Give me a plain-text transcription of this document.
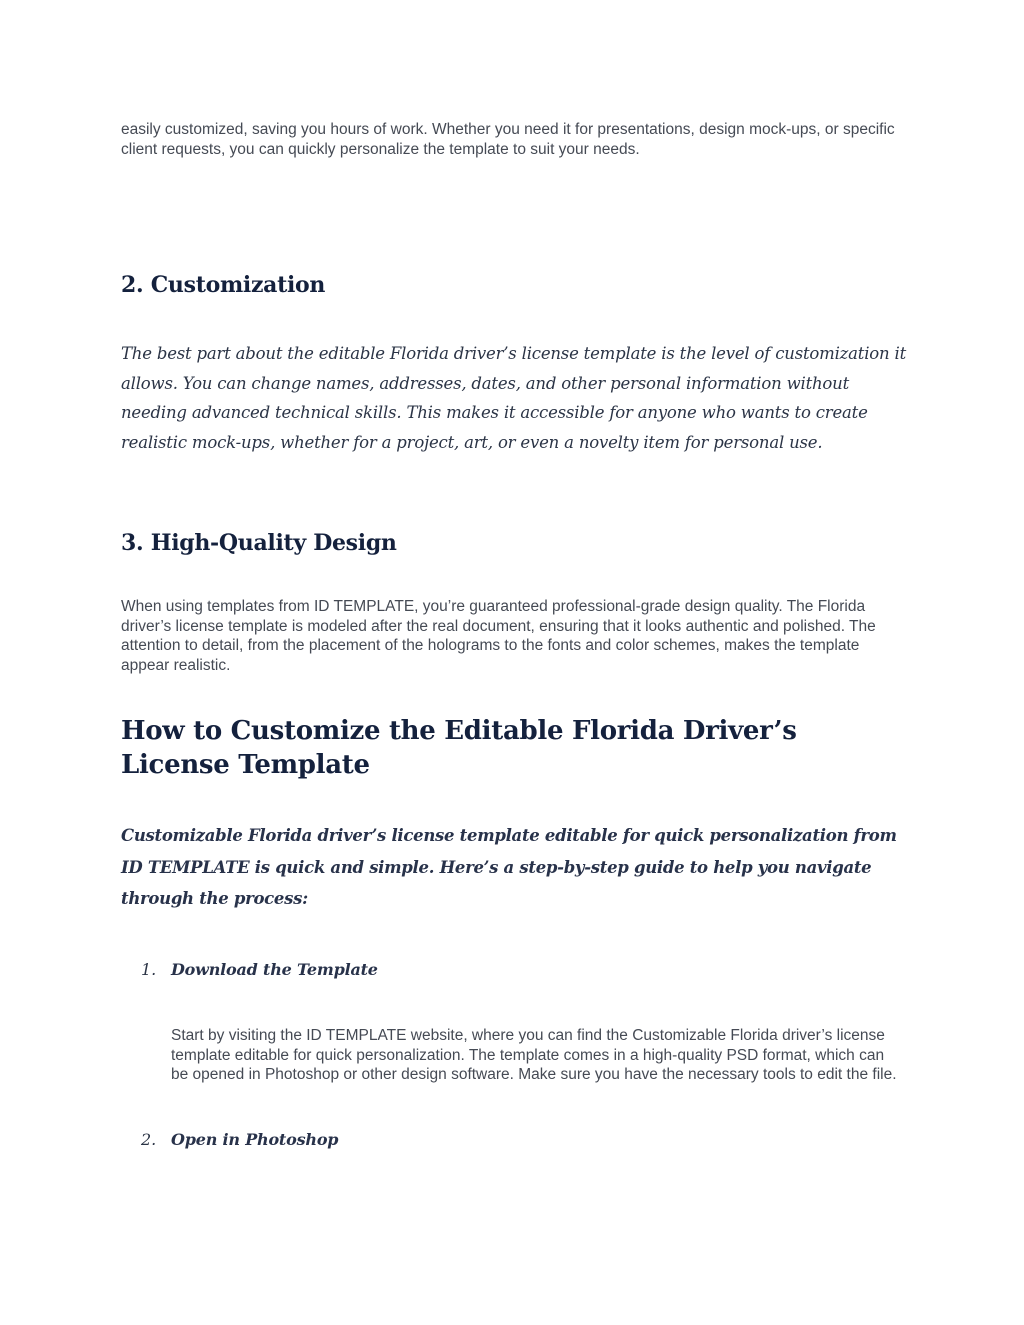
easily customized, saving you hours of work. Whether you need it for presentations, design mock-ups, or specific client requests, you can quickly personalize the template to suit your needs.

2. Customization

The best part about the editable Florida driver’s license template is the level of customization it allows. You can change names, addresses, dates, and other personal information without needing advanced technical skills. This makes it accessible for anyone who wants to create realistic mock-ups, whether for a project, art, or even a novelty item for personal use.

3. High-Quality Design

When using templates from ID TEMPLATE, you’re guaranteed professional-grade design quality. The Florida driver’s license template is modeled after the real document, ensuring that it looks authentic and polished. The attention to detail, from the placement of the holograms to the fonts and color schemes, makes the template appear realistic.

How to Customize the Editable Florida Driver’s License Template

Customizable Florida driver’s license template editable for quick personalization from ID TEMPLATE is quick and simple. Here’s a step-by-step guide to help you navigate through the process:

1. Download the Template

Start by visiting the ID TEMPLATE website, where you can find the Customizable Florida driver’s license template editable for quick personalization. The template comes in a high-quality PSD format, which can be opened in Photoshop or other design software. Make sure you have the necessary tools to edit the file.

2. Open in Photoshop
